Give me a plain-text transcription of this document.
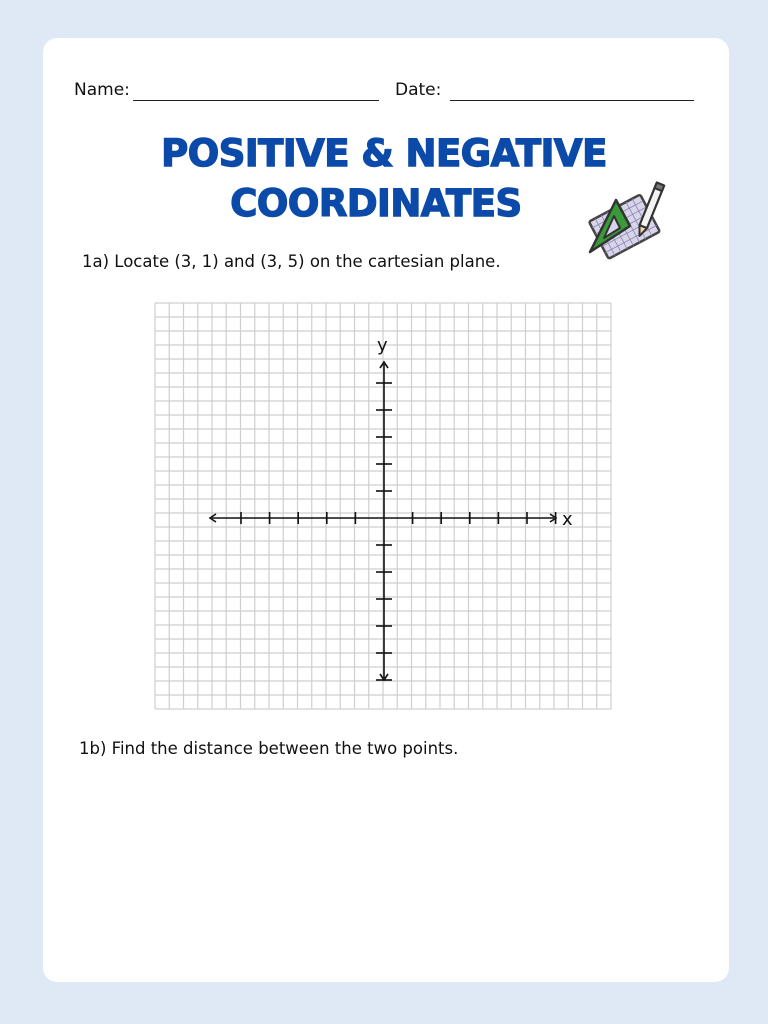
Name:	Date:
POSITIVE & NEGATIVE
COORDINATES
1a) Locate (3, 1) and (3, 5) on the cartesian plane.
x
y
1b) Find the distance between the two points.
